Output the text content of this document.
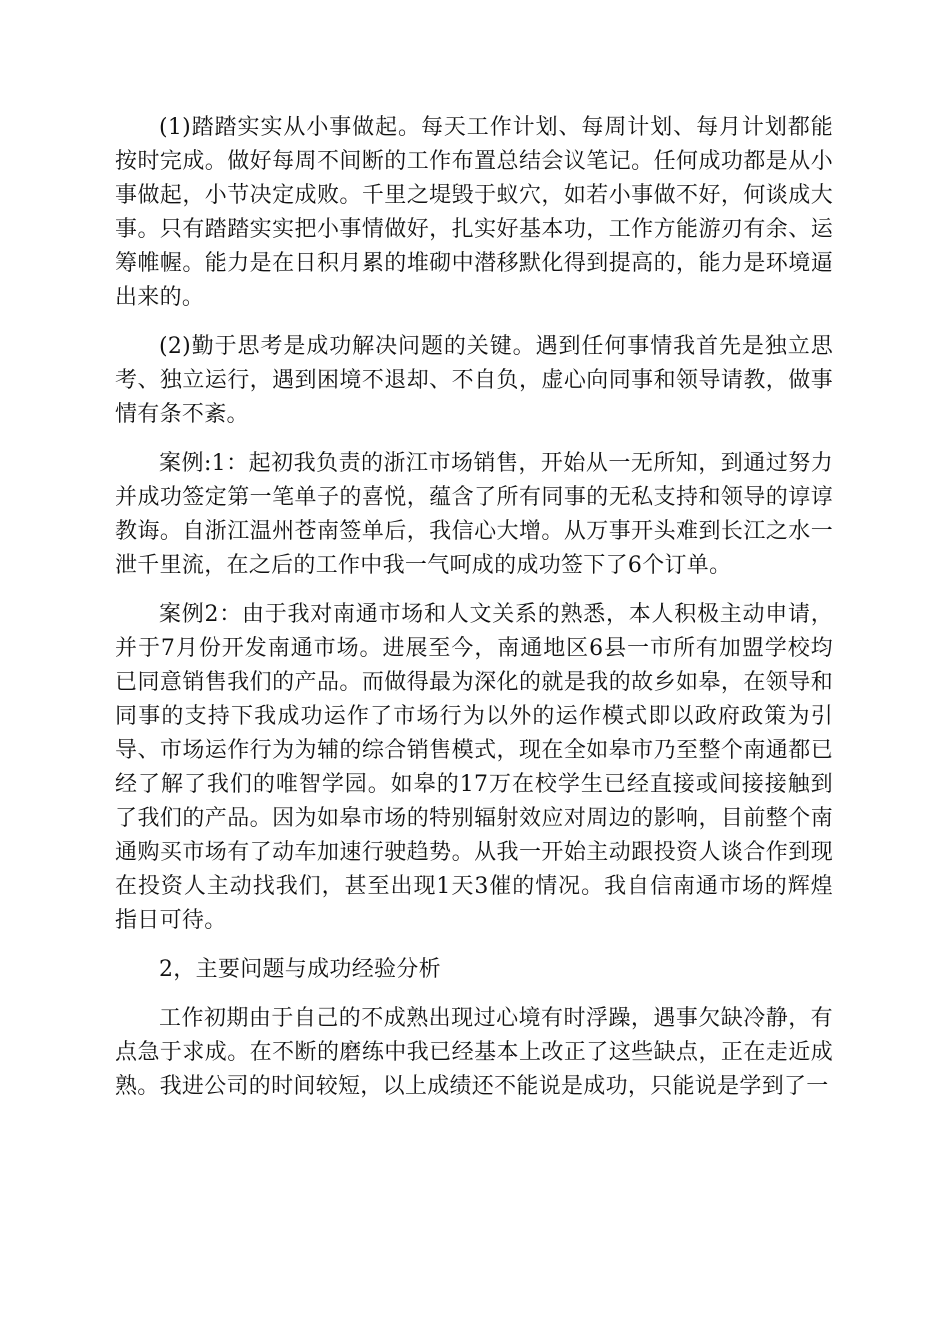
(1)踏踏实实从小事做起。每天工作计划、每周计划、每月计划都能按时完成。做好每周不间断的工作布置总结会议笔记。任何成功都是从小事做起，小节决定成败。千里之堤毁于蚁穴，如若小事做不好，何谈成大事。只有踏踏实实把小事情做好，扎实好基本功，工作方能游刃有余、运筹帷幄。能力是在日积月累的堆砌中潜移默化得到提高的，能力是环境逼出来的。

(2)勤于思考是成功解决问题的关键。遇到任何事情我首先是独立思考、独立运行，遇到困境不退却、不自负，虚心向同事和领导请教，做事情有条不紊。

案例:1：起初我负责的浙江市场销售，开始从一无所知，到通过努力并成功签定第一笔单子的喜悦，蕴含了所有同事的无私支持和领导的谆谆教诲。自浙江温州苍南签单后，我信心大增。从万事开头难到长江之水一泄千里流，在之后的工作中我一气呵成的成功签下了6个订单。

案例2：由于我对南通市场和人文关系的熟悉，本人积极主动申请，并于7月份开发南通市场。进展至今，南通地区6县一市所有加盟学校均已同意销售我们的产品。而做得最为深化的就是我的故乡如皋，在领导和同事的支持下我成功运作了市场行为以外的运作模式即以政府政策为引导、市场运作行为为辅的综合销售模式，现在全如皋市乃至整个南通都已经了解了我们的唯智学园。如皋的17万在校学生已经直接或间接接触到了我们的产品。因为如皋市场的特别辐射效应对周边的影响，目前整个南通购买市场有了动车加速行驶趋势。从我一开始主动跟投资人谈合作到现在投资人主动找我们，甚至出现1天3催的情况。我自信南通市场的辉煌指日可待。

2，主要问题与成功经验分析

工作初期由于自己的不成熟出现过心境有时浮躁，遇事欠缺冷静，有点急于求成。在不断的磨练中我已经基本上改正了这些缺点，正在走近成熟。我进公司的时间较短，以上成绩还不能说是成功，只能说是学到了一
